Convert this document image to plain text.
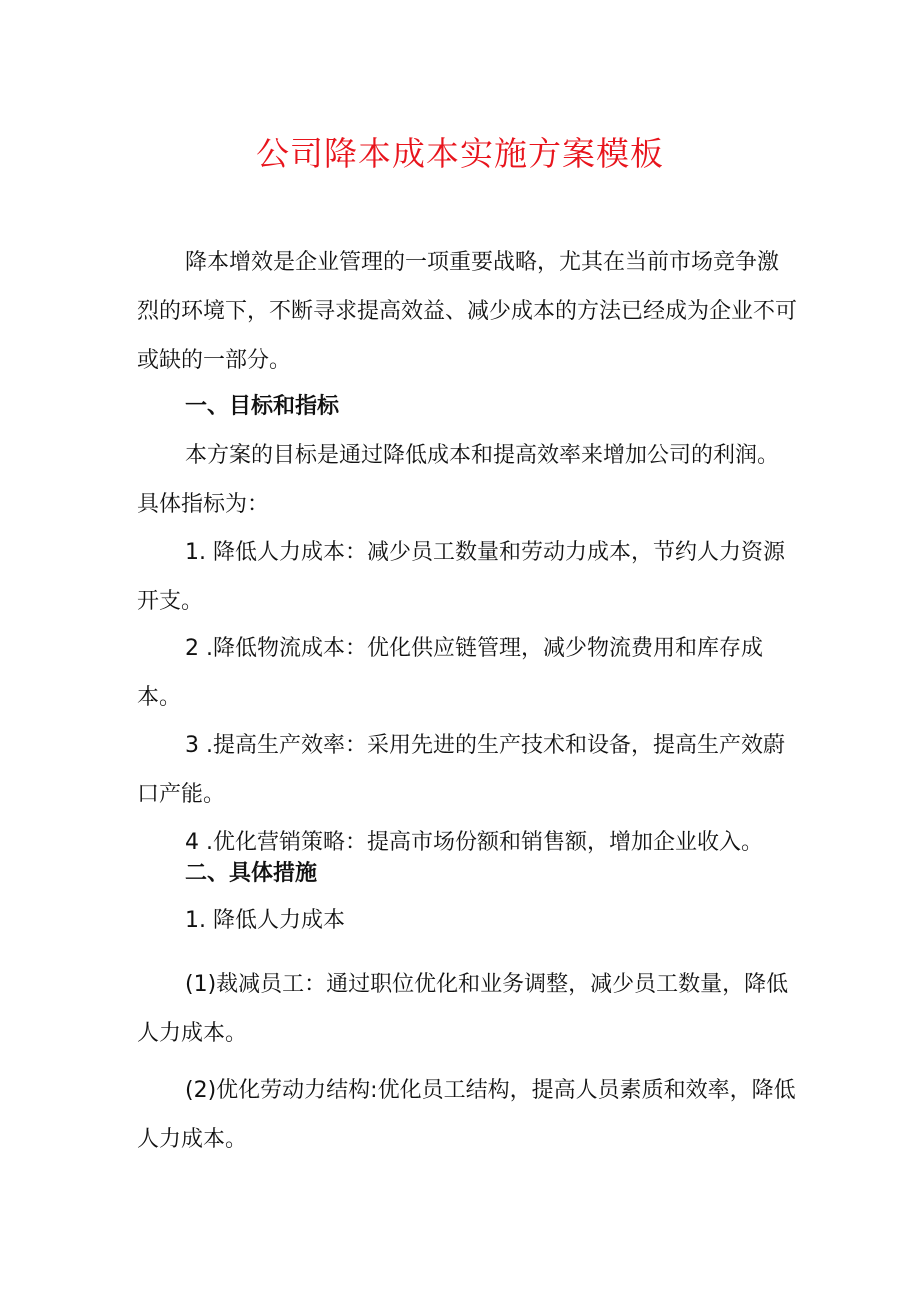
公司降本成本实施方案模板

降本增效是企业管理的一项重要战略，尤其在当前市场竞争激烈的环境下，不断寻求提高效益、减少成本的方法已经成为企业不可或缺的一部分。

一、目标和指标

本方案的目标是通过降低成本和提高效率来增加公司的利润。具体指标为：

1. 降低人力成本：减少员工数量和劳动力成本，节约人力资源开支。

2 .降低物流成本：优化供应链管理，减少物流费用和库存成本。

3 .提高生产效率：采用先进的生产技术和设备，提高生产效蔚口产能。

4 .优化营销策略：提高市场份额和销售额，增加企业收入。

二、具体措施
1. 降低人力成本

(1)裁减员工：通过职位优化和业务调整，减少员工数量，降低人力成本。

(2)优化劳动力结构:优化员工结构，提高人员素质和效率，降低人力成本。
